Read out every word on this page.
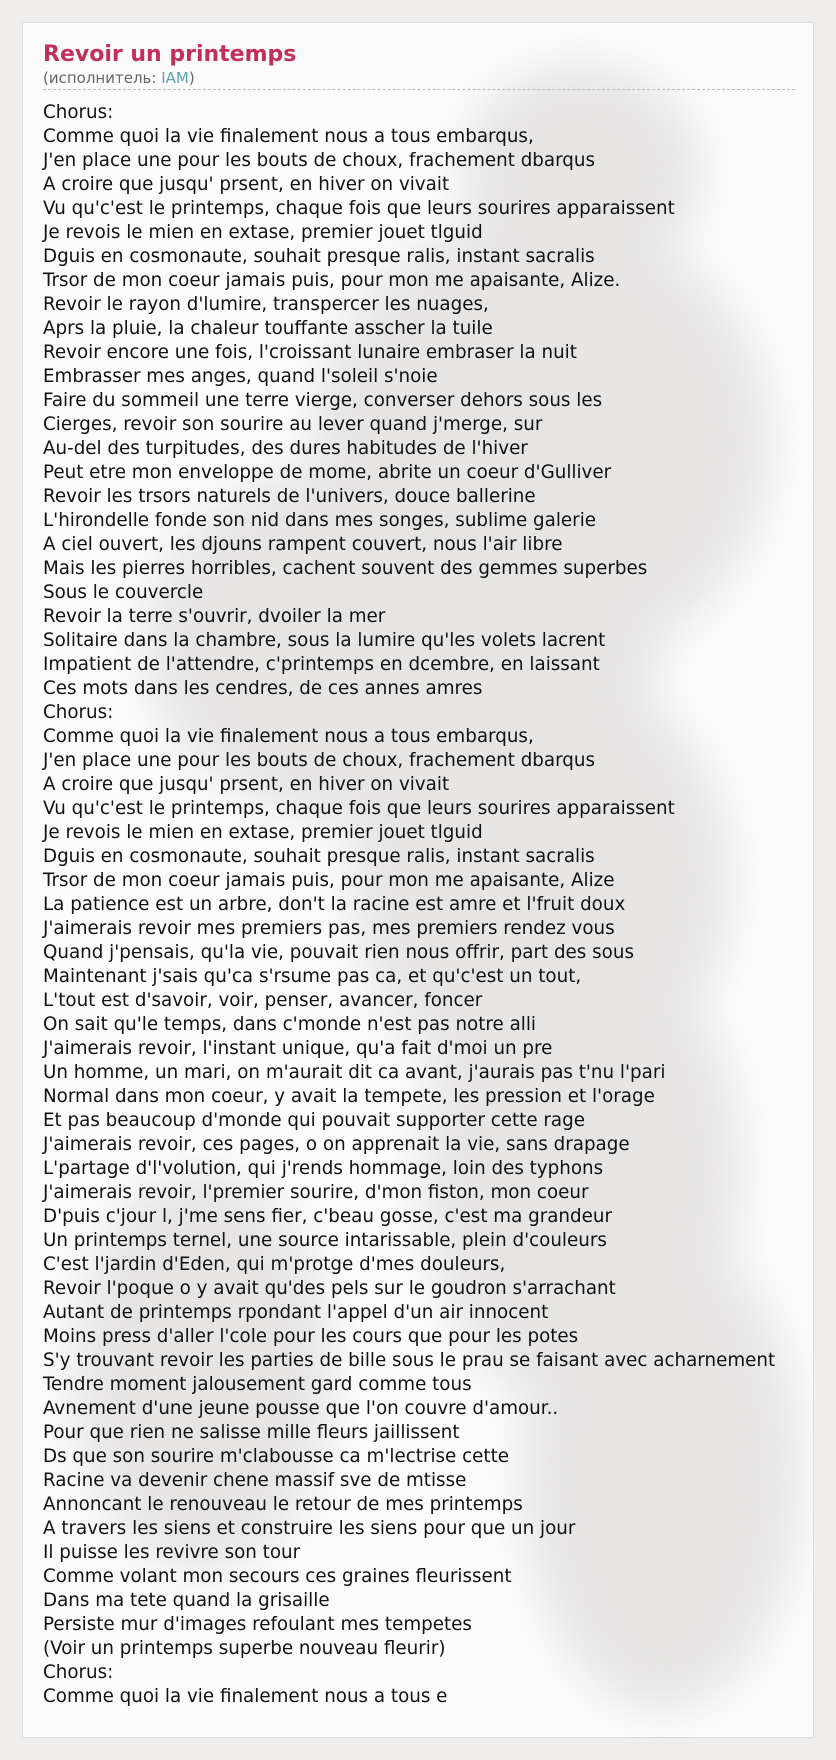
Revoir un printemps
(исполнитель: IAM)
Chorus:
Comme quoi la vie finalement nous a tous embarqus,
J'en place une pour les bouts de choux, frachement dbarqus
A croire que jusqu' prsent, en hiver on vivait
Vu qu'c'est le printemps, chaque fois que leurs sourires apparaissent
Je revois le mien en extase, premier jouet tlguid
Dguis en cosmonaute, souhait presque ralis, instant sacralis
Trsor de mon coeur jamais puis, pour mon me apaisante, Alize.
Revoir le rayon d'lumire, transpercer les nuages,
Aprs la pluie, la chaleur touffante asscher la tuile
Revoir encore une fois, l'croissant lunaire embraser la nuit
Embrasser mes anges, quand l'soleil s'noie
Faire du sommeil une terre vierge, converser dehors sous les
Cierges, revoir son sourire au lever quand j'merge, sur
Au-del des turpitudes, des dures habitudes de l'hiver
Peut etre mon enveloppe de mome, abrite un coeur d'Gulliver
Revoir les trsors naturels de l'univers, douce ballerine
L'hirondelle fonde son nid dans mes songes, sublime galerie
A ciel ouvert, les djouns rampent couvert, nous l'air libre
Mais les pierres horribles, cachent souvent des gemmes superbes
Sous le couvercle
Revoir la terre s'ouvrir, dvoiler la mer
Solitaire dans la chambre, sous la lumire qu'les volets lacrent
Impatient de l'attendre, c'printemps en dcembre, en laissant
Ces mots dans les cendres, de ces annes amres
Chorus:
Comme quoi la vie finalement nous a tous embarqus,
J'en place une pour les bouts de choux, frachement dbarqus
A croire que jusqu' prsent, en hiver on vivait
Vu qu'c'est le printemps, chaque fois que leurs sourires apparaissent
Je revois le mien en extase, premier jouet tlguid
Dguis en cosmonaute, souhait presque ralis, instant sacralis
Trsor de mon coeur jamais puis, pour mon me apaisante, Alize
La patience est un arbre, don't la racine est amre et l'fruit doux
J'aimerais revoir mes premiers pas, mes premiers rendez vous
Quand j'pensais, qu'la vie, pouvait rien nous offrir, part des sous
Maintenant j'sais qu'ca s'rsume pas ca, et qu'c'est un tout,
L'tout est d'savoir, voir, penser, avancer, foncer
On sait qu'le temps, dans c'monde n'est pas notre alli
J'aimerais revoir, l'instant unique, qu'a fait d'moi un pre
Un homme, un mari, on m'aurait dit ca avant, j'aurais pas t'nu l'pari
Normal dans mon coeur, y avait la tempete, les pression et l'orage
Et pas beaucoup d'monde qui pouvait supporter cette rage
J'aimerais revoir, ces pages, o on apprenait la vie, sans drapage
L'partage d'l'volution, qui j'rends hommage, loin des typhons
J'aimerais revoir, l'premier sourire, d'mon fiston, mon coeur
D'puis c'jour l, j'me sens fier, c'beau gosse, c'est ma grandeur
Un printemps ternel, une source intarissable, plein d'couleurs
C'est l'jardin d'Eden, qui m'protge d'mes douleurs,
Revoir l'poque o y avait qu'des pels sur le goudron s'arrachant
Autant de printemps rpondant l'appel d'un air innocent
Moins press d'aller l'cole pour les cours que pour les potes
S'y trouvant revoir les parties de bille sous le prau se faisant avec acharnement
Tendre moment jalousement gard comme tous
Avnement d'une jeune pousse que l'on couvre d'amour..
Pour que rien ne salisse mille fleurs jaillissent
Ds que son sourire m'clabousse ca m'lectrise cette
Racine va devenir chene massif sve de mtisse
Annoncant le renouveau le retour de mes printemps
A travers les siens et construire les siens pour que un jour
Il puisse les revivre son tour
Comme volant mon secours ces graines fleurissent
Dans ma tete quand la grisaille
Persiste mur d'images refoulant mes tempetes
(Voir un printemps superbe nouveau fleurir)
Chorus:
Comme quoi la vie finalement nous a tous e
